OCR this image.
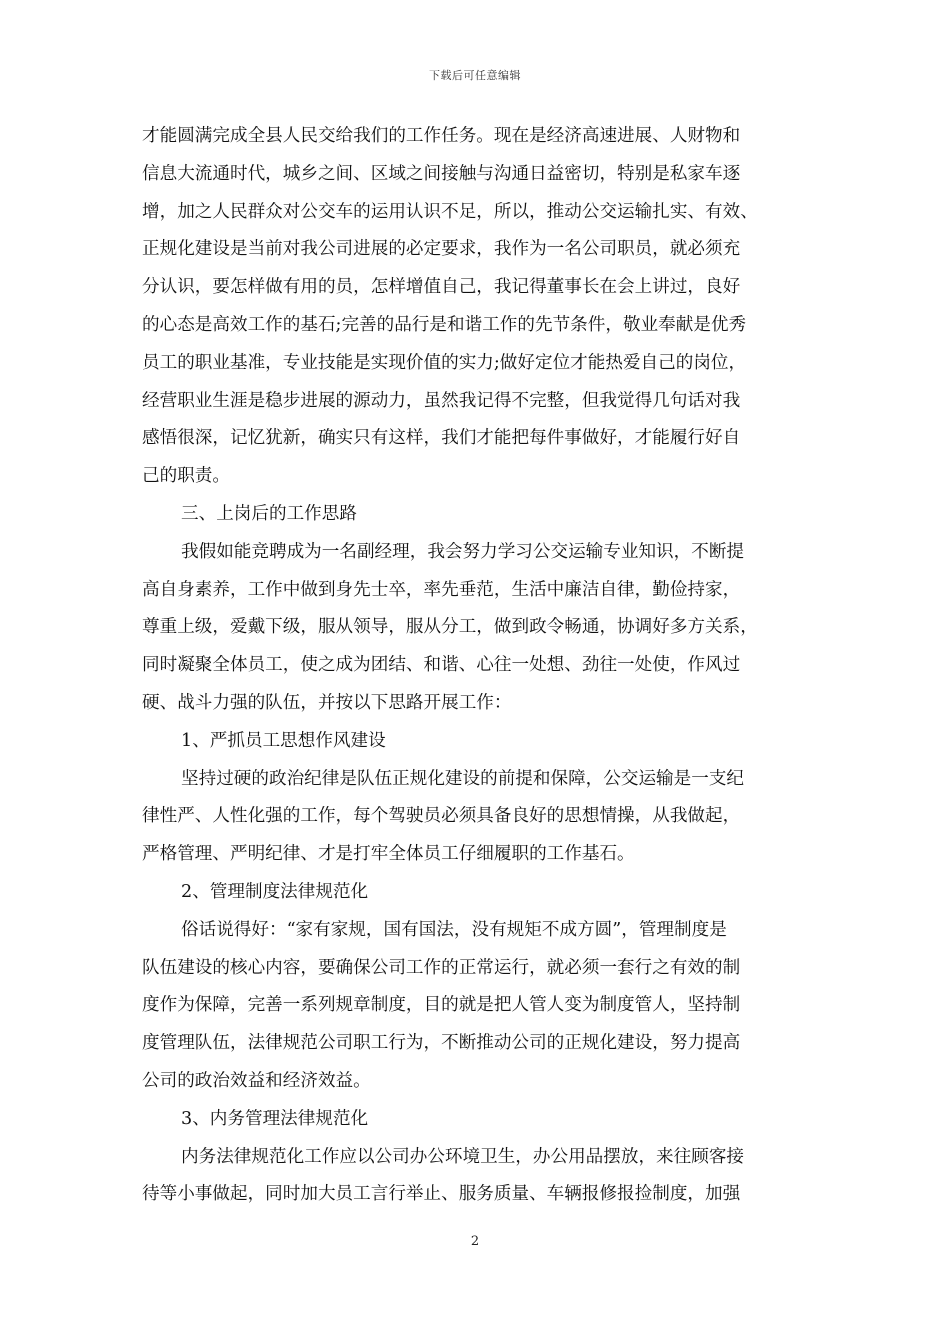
下载后可任意编辑
才能圆满完成全县人民交给我们的工作任务。现在是经济高速进展、人财物和
信息大流通时代，城乡之间、区域之间接触与沟通日益密切，特别是私家车逐
增，加之人民群众对公交车的运用认识不足，所以，推动公交运输扎实、有效、
正规化建设是当前对我公司进展的必定要求，我作为一名公司职员，就必须充
分认识，要怎样做有用的员，怎样增值自己，我记得董事长在会上讲过，良好
的心态是高效工作的基石;完善的品行是和谐工作的先节条件，敬业奉献是优秀
员工的职业基准，专业技能是实现价值的实力;做好定位才能热爱自己的岗位，
经营职业生涯是稳步进展的源动力，虽然我记得不完整，但我觉得几句话对我
感悟很深，记忆犹新，确实只有这样，我们才能把每件事做好，才能履行好自
己的职责。
三、上岗后的工作思路
我假如能竞聘成为一名副经理，我会努力学习公交运输专业知识，不断提
高自身素养，工作中做到身先士卒，率先垂范，生活中廉洁自律，勤俭持家，
尊重上级，爱戴下级，服从领导，服从分工，做到政令畅通，协调好多方关系，
同时凝聚全体员工，使之成为团结、和谐、心往一处想、劲往一处使，作风过
硬、战斗力强的队伍，并按以下思路开展工作：
1、严抓员工思想作风建设
坚持过硬的政治纪律是队伍正规化建设的前提和保障，公交运输是一支纪
律性严、人性化强的工作，每个驾驶员必须具备良好的思想情操，从我做起，
严格管理、严明纪律、才是打牢全体员工仔细履职的工作基石。
2、管理制度法律规范化
俗话说得好：“家有家规，国有国法，没有规矩不成方圆”，管理制度是
队伍建设的核心内容，要确保公司工作的正常运行，就必须一套行之有效的制
度作为保障，完善一系列规章制度，目的就是把人管人变为制度管人，坚持制
度管理队伍，法律规范公司职工行为，不断推动公司的正规化建设，努力提高
公司的政治效益和经济效益。
3、内务管理法律规范化
内务法律规范化工作应以公司办公环境卫生，办公用品摆放，来往顾客接
待等小事做起，同时加大员工言行举止、服务质量、车辆报修报捡制度，加强
2
